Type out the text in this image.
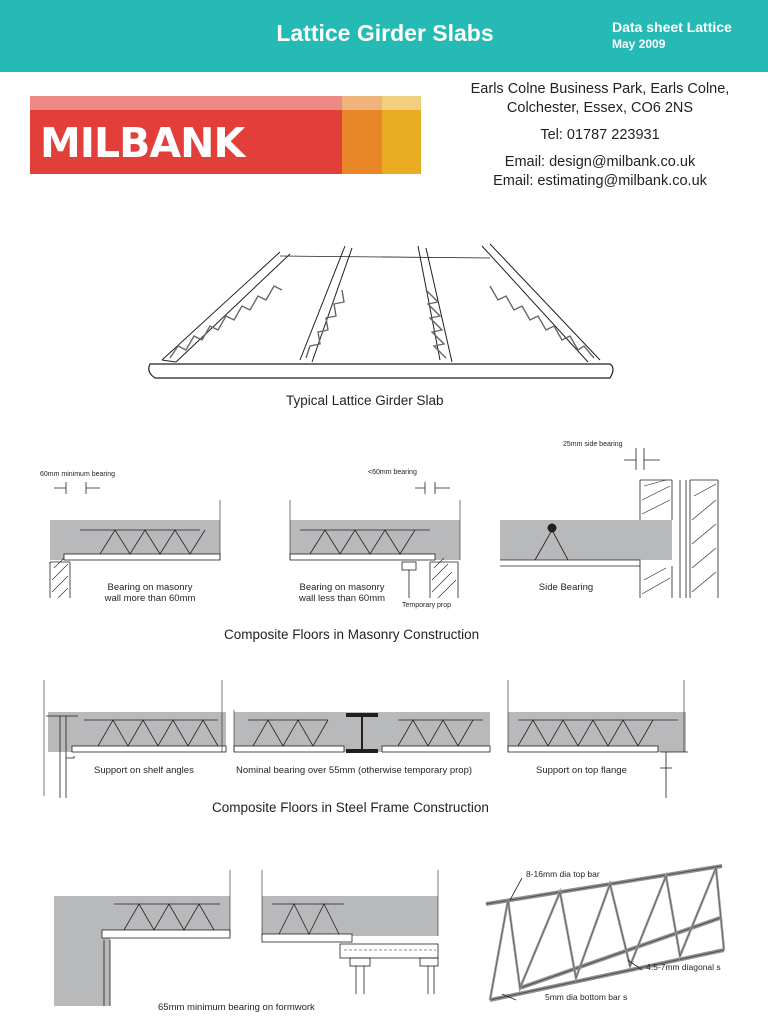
Lattice Girder Slabs	Data sheet Lattice
May 2009
MILBANK
Earls Colne Business Park, Earls Colne,
Colchester, Essex, CO6 2NS
Tel: 01787 223931
Email: design@milbank.co.uk
Email: estimating@milbank.co.uk
Typical Lattice Girder Slab
60mm minimum bearing
Bearing on masonry
wall more than 60mm
<60mm bearing
Bearing on masonry
wall less than 60mm
Temporary prop
25mm side bearing
Side Bearing
Composite Floors in Masonry Construction
Support on shelf angles	Nominal bearing over 55mm (otherwise temporary prop)	Support on top flange
Composite Floors in Steel Frame Construction
65mm minimum bearing on formwork
8-16mm dia top bar
4.5-7mm diagonal s
5mm dia bottom bar s
